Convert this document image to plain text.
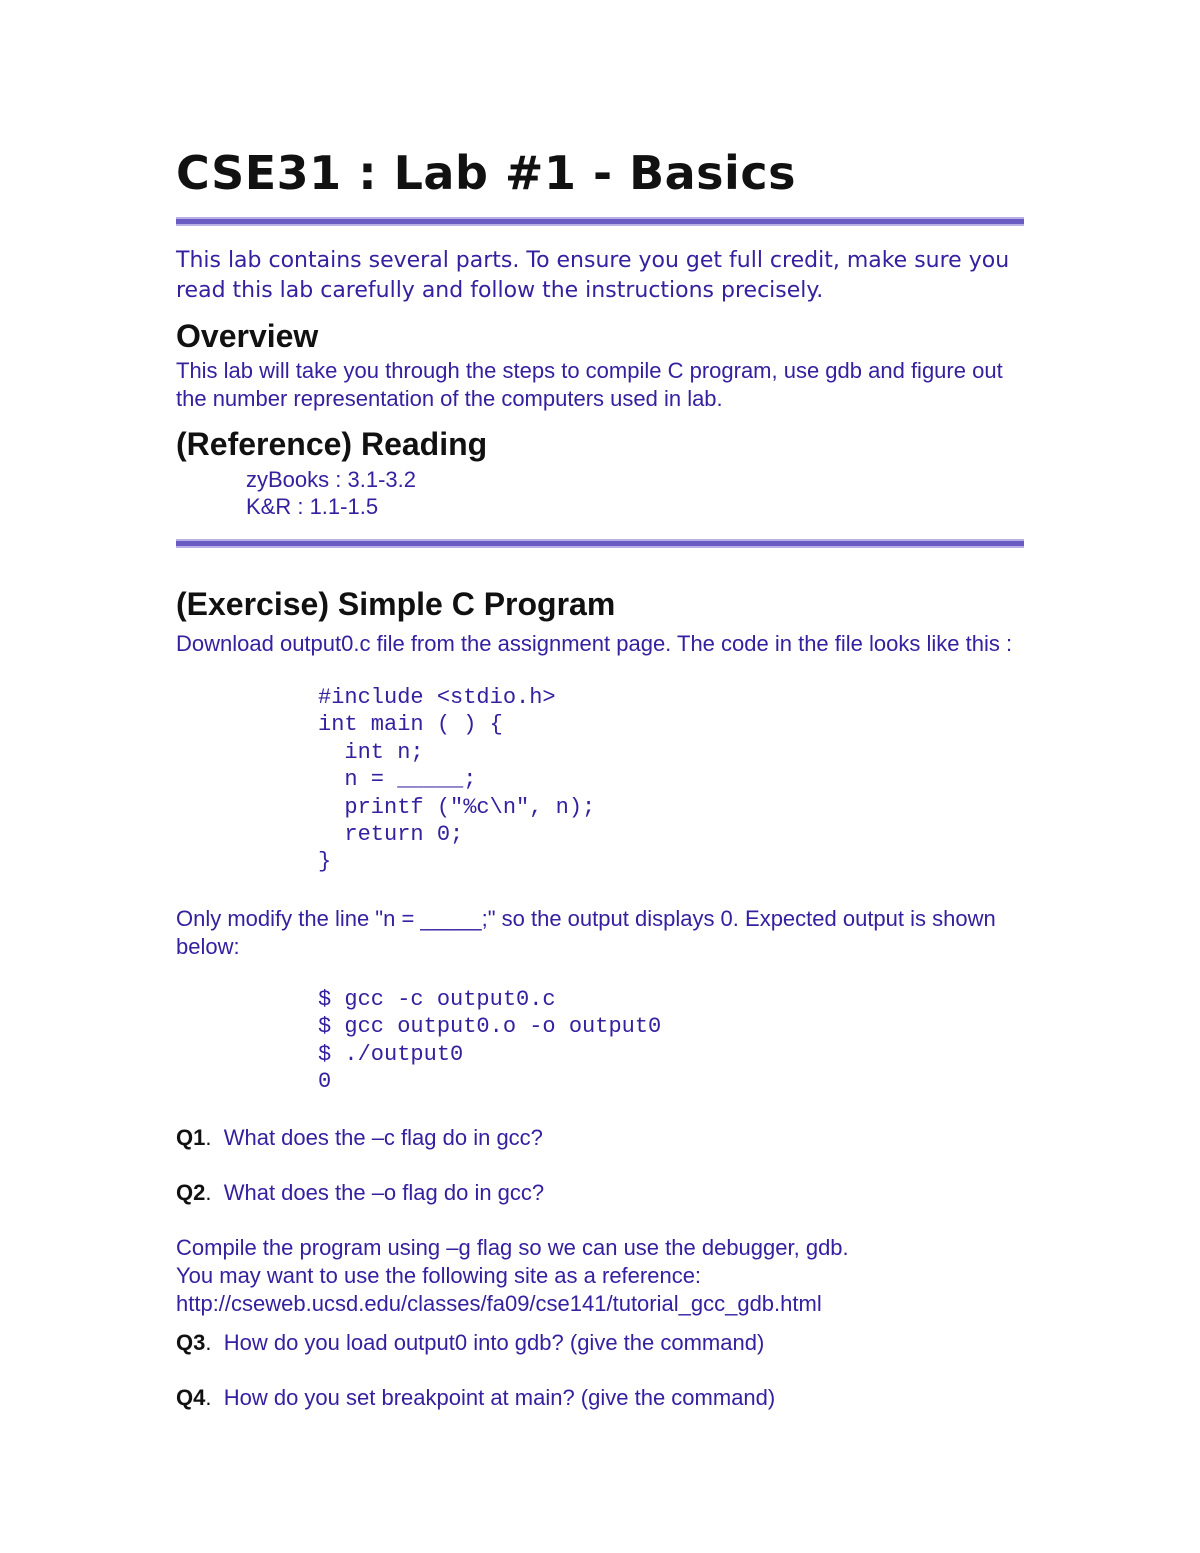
CSE31 : Lab #1 - Basics

This lab contains several parts. To ensure you get full credit, make sure you read this lab carefully and follow the instructions precisely.

Overview

This lab will take you through the steps to compile C program, use gdb and figure out the number representation of the computers used in lab.

(Reference) Reading
zyBooks : 3.1-3.2
K&R : 1.1-1.5
(Exercise) Simple C Program

Download output0.c file from the assignment page. The code in the file looks like this :

#include <stdio.h>
int main ( ) {
int n;
n = _____;
printf ("%c\n", n);
return 0;
}

Only modify the line "n = _____;" so the output displays 0. Expected output is shown below:

$ gcc -c output0.c
$ gcc output0.o -o output0
$ ./output0
0

Q1.  What does the –c flag do in gcc?

Q2.  What does the –o flag do in gcc?

Compile the program using –g flag so we can use the debugger, gdb.
You may want to use the following site as a reference:
http://cseweb.ucsd.edu/classes/fa09/cse141/tutorial_gcc_gdb.html

Q3.  How do you load output0 into gdb? (give the command)

Q4.  How do you set breakpoint at main? (give the command)
